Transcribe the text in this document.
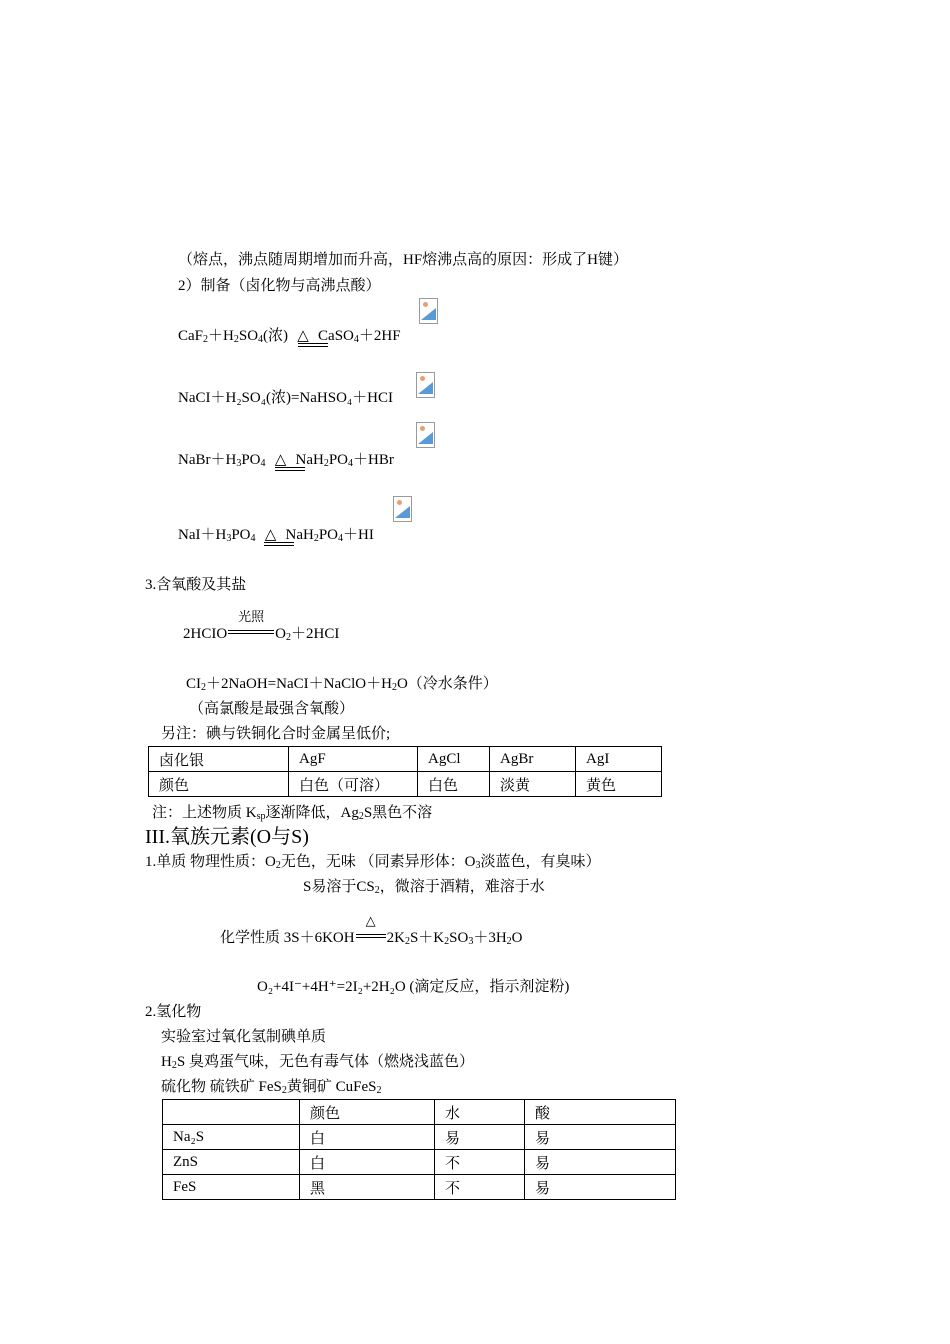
（熔点，沸点随周期增加而升高，HF熔沸点高的原因：形成了H键）
2）制备（卤化物与高沸点酸）
$CaF_2+H_2SO_4$(浓) △ CaSO$_4$＋2HF
NaCI＋H₂SO₄(浓)=NaHSO₄＋HCI
$NaBr+H_3PO_4$ △ $NaH_2PO_4+HBr$
$NaI+H_3PO_4$ △ $NaH_2PO_4+HI$
3.含氧酸及其盐
2HCIO
光照
$O_2+2HCI$
$CI_2+2NaOH=NaCI+NaClO+H_2O$（冷水条件）
（高氯酸是最强含氧酸）
另注：碘与铁铜化合时金属呈低价;
卤化银	AgF	AgCl	AgBr	AgI
颜色	白色（可溶）	白色	淡黄	黄色
注：上述物质 $K_{sp}$逐渐降低，$Ag_2S$黑色不溶
III.氧族元素(O与S)
1.单质 物理性质：$O_2$无色，无味 （同素异形体：$O_3$淡蓝色，有臭味）
S易溶于$CS_2$，微溶于酒精，难溶于水
化学性质 3S＋6KOH
△
$2K_2S+K_2SO_3+3H_2O$
O₂+4I⁻+4H⁺=2I₂+2H₂O (滴定反应，指示剂淀粉)
2.氢化物
实验室过氧化氢制碘单质
$H_2S$ 臭鸡蛋气味，无色有毒气体（燃烧浅蓝色）
硫化物 硫铁矿 FeS$_2$黄铜矿 CuFeS$_2$
	颜色	水	酸
Na₂S	白	易	易
ZnS	白	不	易
FeS	黑	不	易
